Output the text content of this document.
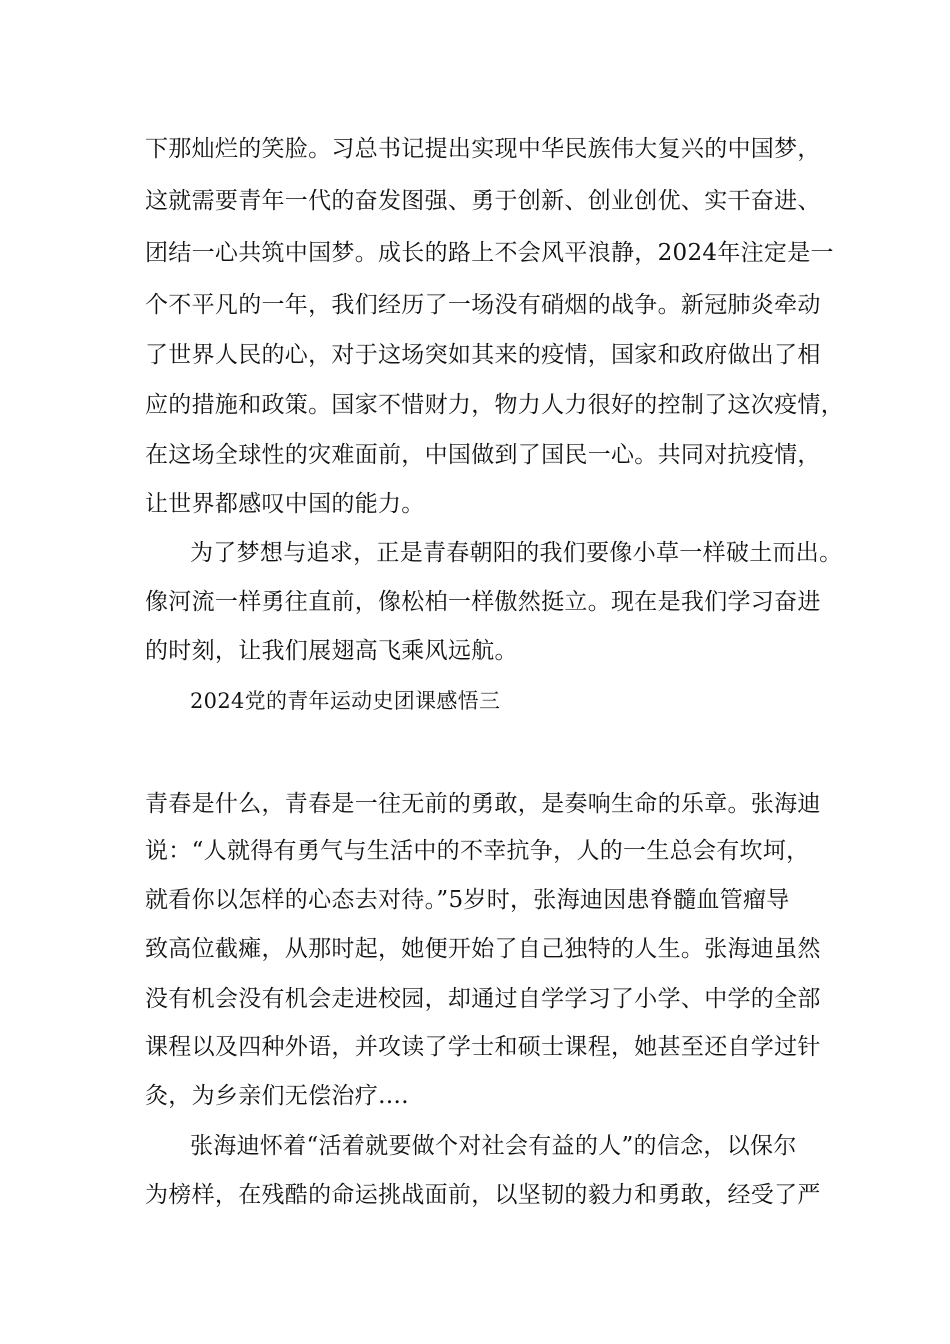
下那灿烂的笑脸。习总书记提出实现中华民族伟大复兴的中国梦，

这就需要青年一代的奋发图强、勇于创新、创业创优、实干奋进、

团结一心共筑中国梦。成长的路上不会风平浪静，2024年注定是一

个不平凡的一年，我们经历了一场没有硝烟的战争。新冠肺炎牵动

了世界人民的心，对于这场突如其来的疫情，国家和政府做出了相

应的措施和政策。国家不惜财力，物力人力很好的控制了这次疫情，

在这场全球性的灾难面前，中国做到了国民一心。共同对抗疫情，

让世界都感叹中国的能力。

为了梦想与追求，正是青春朝阳的我们要像小草一样破土而出。

像河流一样勇往直前，像松柏一样傲然挺立。现在是我们学习奋进

的时刻，让我们展翅高飞乘风远航。

2024党的青年运动史团课感悟三

青春是什么，青春是一往无前的勇敢，是奏响生命的乐章。张海迪

说：“人就得有勇气与生活中的不幸抗争，人的一生总会有坎坷，

就看你以怎样的心态去对待。”5岁时，张海迪因患脊髓血管瘤导

致高位截瘫，从那时起，她便开始了自己独特的人生。张海迪虽然

没有机会没有机会走进校园，却通过自学学习了小学、中学的全部

课程以及四种外语，并攻读了学士和硕士课程，她甚至还自学过针

灸，为乡亲们无偿治疗….

张海迪怀着“活着就要做个对社会有益的人”的信念，以保尔

为榜样，在残酷的命运挑战面前，以坚韧的毅力和勇敢，经受了严
